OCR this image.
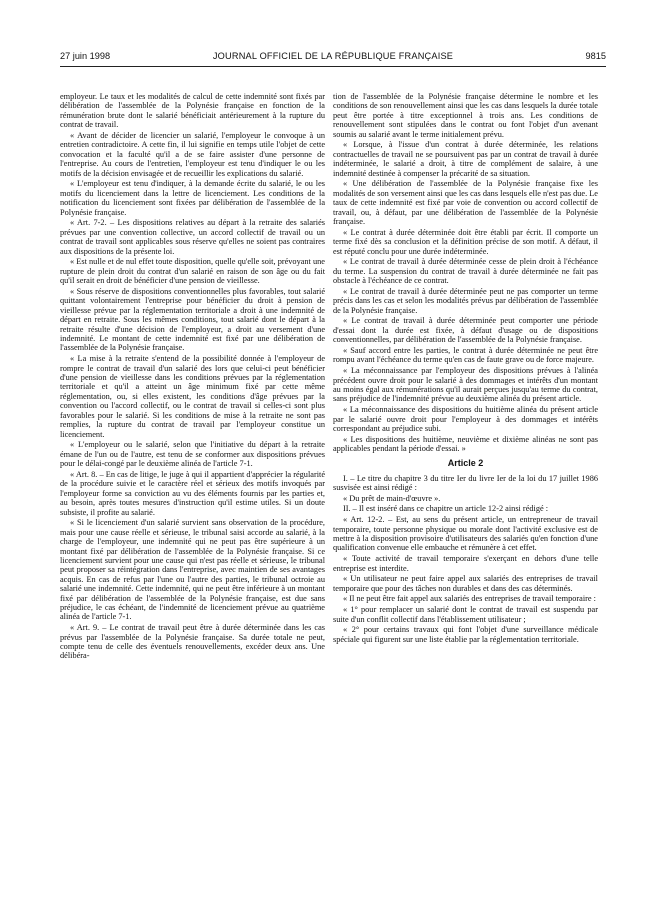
27 juin 1998	JOURNAL OFFICIEL DE LA RÉPUBLIQUE FRANÇAISE	9815

employeur. Le taux et les modalités de calcul de cette indemnité sont fixés par délibération de l'assemblée de la Polynésie française en fonction de la rémunération brute dont le salarié bénéficiait antérieurement à la rupture du contrat de travail.

« Avant de décider de licencier un salarié, l'employeur le convoque à un entretien contradictoire. A cette fin, il lui signifie en temps utile l'objet de cette convocation et la faculté qu'il a de se faire assister d'une personne de l'entreprise. Au cours de l'entretien, l'employeur est tenu d'indiquer le ou les motifs de la décision envisagée et de recueillir les explications du salarié.

« L'employeur est tenu d'indiquer, à la demande écrite du salarié, le ou les motifs du licenciement dans la lettre de licenciement. Les conditions de la notification du licenciement sont fixées par délibération de l'assemblée de la Polynésie française.

« Art. 7-2. – Les dispositions relatives au départ à la retraite des salariés prévues par une convention collective, un accord collectif de travail ou un contrat de travail sont applicables sous réserve qu'elles ne soient pas contraires aux dispositions de la présente loi.

« Est nulle et de nul effet toute disposition, quelle qu'elle soit, prévoyant une rupture de plein droit du contrat d'un salarié en raison de son âge ou du fait qu'il serait en droit de bénéficier d'une pension de vieillesse.

« Sous réserve de dispositions conventionnelles plus favorables, tout salarié quittant volontairement l'entreprise pour bénéficier du droit à pension de vieillesse prévue par la réglementation territoriale a droit à une indemnité de départ en retraite. Sous les mêmes conditions, tout salarié dont le départ à la retraite résulte d'une décision de l'employeur, a droit au versement d'une indemnité. Le montant de cette indemnité est fixé par une délibération de l'assemblée de la Polynésie française.

« La mise à la retraite s'entend de la possibilité donnée à l'employeur de rompre le contrat de travail d'un salarié des lors que celui-ci peut bénéficier d'une pension de vieillesse dans les conditions prévues par la réglementation territoriale et qu'il a atteint un âge minimum fixé par cette même réglementation, ou, si elles existent, les conditions d'âge prévues par la convention ou l'accord collectif, ou le contrat de travail si celles-ci sont plus favorables pour le salarié. Si les conditions de mise à la retraite ne sont pas remplies, la rupture du contrat de travail par l'employeur constitue un licenciement.

« L'employeur ou le salarié, selon que l'initiative du départ à la retraite émane de l'un ou de l'autre, est tenu de se conformer aux dispositions prévues pour le délai-congé par le deuxième alinéa de l'article 7-1.

« Art. 8. – En cas de litige, le juge à qui il appartient d'apprécier la régularité de la procédure suivie et le caractère réel et sérieux des motifs invoqués par l'employeur forme sa conviction au vu des éléments fournis par les parties et, au besoin, après toutes mesures d'instruction qu'il estime utiles. Si un doute subsiste, il profite au salarié.

« Si le licenciement d'un salarié survient sans observation de la procédure, mais pour une cause réelle et sérieuse, le tribunal saisi accorde au salarié, à la charge de l'employeur, une indemnité qui ne peut pas être supérieure à un montant fixé par délibération de l'assemblée de la Polynésie française. Si ce licenciement survient pour une cause qui n'est pas réelle et sérieuse, le tribunal peut proposer sa réintégration dans l'entreprise, avec maintien de ses avantages acquis. En cas de refus par l'une ou l'autre des parties, le tribunal octroie au salarié une indemnité. Cette indemnité, qui ne peut être inférieure à un montant fixé par délibération de l'assemblée de la Polynésie française, est due sans préjudice, le cas échéant, de l'indemnité de licenciement prévue au quatrième alinéa de l'article 7-1.

« Art. 9. – Le contrat de travail peut être à durée déterminée dans les cas prévus par l'assemblée de la Polynésie française. Sa durée totale ne peut, compte tenu de celle des éventuels renouvellements, excéder deux ans. Une délibéra-

tion de l'assemblée de la Polynésie française détermine le nombre et les conditions de son renouvellement ainsi que les cas dans lesquels la durée totale peut être portée à titre exceptionnel à trois ans. Les conditions de renouvellement sont stipulées dans le contrat ou font l'objet d'un avenant soumis au salarié avant le terme initialement prévu.

« Lorsque, à l'issue d'un contrat à durée déterminée, les relations contractuelles de travail ne se poursuivent pas par un contrat de travail à durée indéterminée, le salarié a droit, à titre de complément de salaire, à une indemnité destinée à compenser la précarité de sa situation.

« Une délibération de l'assemblée de la Polynésie française fixe les modalités de son versement ainsi que les cas dans lesquels elle n'est pas due. Le taux de cette indemnité est fixé par voie de convention ou accord collectif de travail, ou, à défaut, par une délibération de l'assemblée de la Polynésie française.

« Le contrat à durée déterminée doit être établi par écrit. Il comporte un terme fixé dès sa conclusion et la définition précise de son motif. A défaut, il est réputé conclu pour une durée indéterminée.

« Le contrat de travail à durée déterminée cesse de plein droit à l'échéance du terme. La suspension du contrat de travail à durée déterminée ne fait pas obstacle à l'échéance de ce contrat.

« Le contrat de travail à durée déterminée peut ne pas comporter un terme précis dans les cas et selon les modalités prévus par délibération de l'assemblée de la Polynésie française.

« Le contrat de travail à durée déterminée peut comporter une période d'essai dont la durée est fixée, à défaut d'usage ou de dispositions conventionnelles, par délibération de l'assemblée de la Polynésie française.

« Sauf accord entre les parties, le contrat à durée déterminée ne peut être rompu avant l'échéance du terme qu'en cas de faute grave ou de force majeure.

« La méconnaissance par l'employeur des dispositions prévues à l'alinéa précédent ouvre droit pour le salarié à des dommages et intérêts d'un montant au moins égal aux rémunérations qu'il aurait perçues jusqu'au terme du contrat, sans préjudice de l'indemnité prévue au deuxième alinéa du présent article.

« La méconnaissance des dispositions du huitième alinéa du présent article par le salarié ouvre droit pour l'employeur à des dommages et intérêts correspondant au préjudice subi.

« Les dispositions des huitième, neuvième et dixième alinéas ne sont pas applicables pendant la période d'essai. »

Article 2

I. – Le titre du chapitre 3 du titre Ier du livre Ier de la loi du 17 juillet 1986 susvisée est ainsi rédigé :

« Du prêt de main-d'œuvre ».

II. – Il est inséré dans ce chapitre un article 12-2 ainsi rédigé :

« Art. 12-2. – Est, au sens du présent article, un entrepreneur de travail temporaire, toute personne physique ou morale dont l'activité exclusive est de mettre à la disposition provisoire d'utilisateurs des salariés qu'en fonction d'une qualification convenue elle embauche et rémunère à cet effet.

« Toute activité de travail temporaire s'exerçant en dehors d'une telle entreprise est interdite.

« Un utilisateur ne peut faire appel aux salariés des entreprises de travail temporaire que pour des tâches non durables et dans des cas déterminés.

« Il ne peut être fait appel aux salariés des entreprises de travail temporaire :

« 1° pour remplacer un salarié dont le contrat de travail est suspendu par suite d'un conflit collectif dans l'établissement utilisateur ;

« 2° pour certains travaux qui font l'objet d'une surveillance médicale spéciale qui figurent sur une liste établie par la réglementation territoriale.
